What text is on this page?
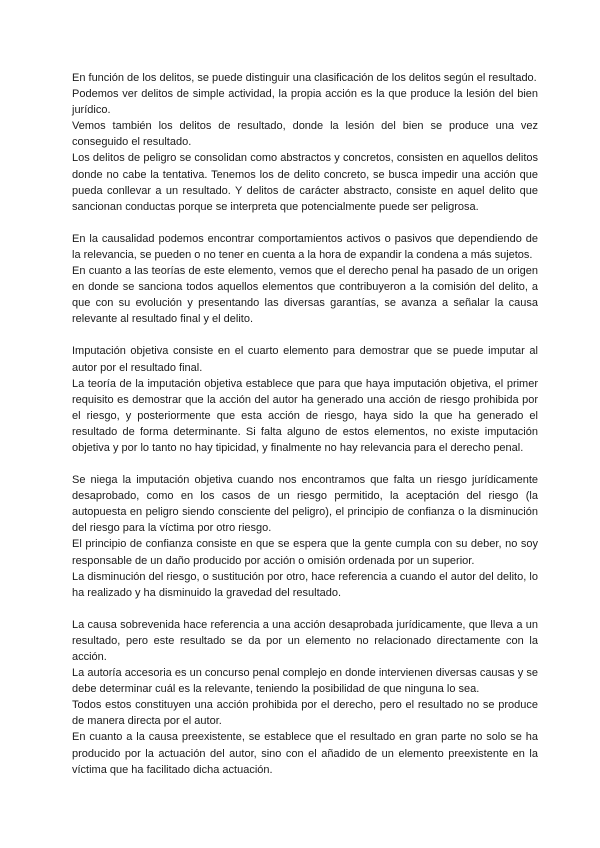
En función de los delitos, se puede distinguir una clasificación de los delitos según el resultado.

Podemos ver delitos de simple actividad, la propia acción es la que produce la lesión del bien jurídico.

Vemos también los delitos de resultado, donde la lesión del bien se produce una vez conseguido el resultado.

Los delitos de peligro se consolidan como abstractos y concretos, consisten en aquellos delitos donde no cabe la tentativa. Tenemos los de delito concreto, se busca impedir una acción que pueda conllevar a un resultado. Y delitos de carácter abstracto, consiste en aquel delito que sancionan conductas porque se interpreta que potencialmente puede ser peligrosa.

En la causalidad podemos encontrar comportamientos activos o pasivos que dependiendo de la relevancia, se pueden o no tener en cuenta a la hora de expandir la condena a más sujetos.

En cuanto a las teorías de este elemento, vemos que el derecho penal ha pasado de un origen en donde se sanciona todos aquellos elementos que contribuyeron a la comisión del delito, a que con su evolución y presentando las diversas garantías, se avanza a señalar la causa relevante al resultado final y el delito.

Imputación objetiva consiste en el cuarto elemento para demostrar que se puede imputar al autor por el resultado final.

La teoría de la imputación objetiva establece que para que haya imputación objetiva, el primer requisito es demostrar que la acción del autor ha generado una acción de riesgo prohibida por el riesgo, y posteriormente que esta acción de riesgo, haya sido la que ha generado el resultado de forma determinante. Si falta alguno de estos elementos, no existe imputación objetiva y por lo tanto no hay tipicidad, y finalmente no hay relevancia para el derecho penal.

Se niega la imputación objetiva cuando nos encontramos que falta un riesgo jurídicamente desaprobado, como en los casos de un riesgo permitido, la aceptación del riesgo (la autopuesta en peligro siendo consciente del peligro), el principio de confianza o la disminución del riesgo para la víctima por otro riesgo.

El principio de confianza consiste en que se espera que la gente cumpla con su deber, no soy responsable de un daño producido por acción o omisión ordenada por un superior.

La disminución del riesgo, o sustitución por otro, hace referencia a cuando el autor del delito, lo ha realizado y ha disminuido la gravedad del resultado.

La causa sobrevenida hace referencia a una acción desaprobada jurídicamente, que lleva a un resultado, pero este resultado se da por un elemento no relacionado directamente con la acción.

La autoría accesoria es un concurso penal complejo en donde intervienen diversas causas y se debe determinar cuál es la relevante, teniendo la posibilidad de que ninguna lo sea.

Todos estos constituyen una acción prohibida por el derecho, pero el resultado no se produce de manera directa por el autor.

En cuanto a la causa preexistente, se establece que el resultado en gran parte no solo se ha producido por la actuación del autor, sino con el añadido de un elemento preexistente en la víctima que ha facilitado dicha actuación.
